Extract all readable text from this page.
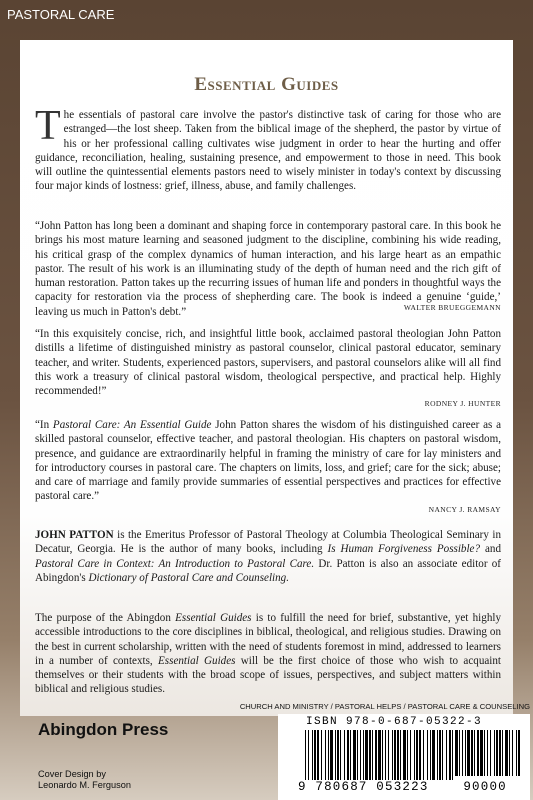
PASTORAL CARE
Essential Guides

The essentials of pastoral care involve the pastor's distinctive task of caring for those who are estranged—the lost sheep. Taken from the biblical image of the shepherd, the pastor by virtue of his or her professional calling cultivates wise judgment in order to hear the hurting and offer guidance, reconciliation, healing, sustaining presence, and empowerment to those in need. This book will outline the quintessential elements pastors need to wisely minister in today's context by discussing four major kinds of lostness: grief, illness, abuse, and family challenges.

“John Patton has long been a dominant and shaping force in contemporary pastoral care. In this book he brings his most mature learning and seasoned judgment to the discipline, combining his wide reading, his critical grasp of the complex dynamics of human interaction, and his large heart as an empathic pastor. The result of his work is an illuminating study of the depth of human need and the rich gift of human restoration. Patton takes up the recurring issues of human life and ponders in thoughtful ways the capacity for restoration via the process of shepherding care. The book is indeed a genuine ‘guide,’ leaving us much in Patton's debt.”	WALTER BRUEGGEMANN

“In this exquisitely concise, rich, and insightful little book, acclaimed pastoral theologian John Patton distills a lifetime of distinguished ministry as pastoral counselor, clinical pastoral educator, seminary teacher, and writer. Students, experienced pastors, supervisers, and pastoral counselors alike will all find this work a treasury of clinical pastoral wisdom, theological perspective, and practical help. Highly recommended!”

RODNEY J. HUNTER

“In Pastoral Care: An Essential Guide John Patton shares the wisdom of his distinguished career as a skilled pastoral counselor, effective teacher, and pastoral theologian. His chapters on pastoral wisdom, presence, and guidance are extraordinarily helpful in framing the ministry of care for lay ministers and for introductory courses in pastoral care. The chapters on limits, loss, and grief; care for the sick; abuse; and care of marriage and family provide summaries of essential perspectives and practices for effective pastoral care.”

NANCY J. RAMSAY

JOHN PATTON is the Emeritus Professor of Pastoral Theology at Columbia Theological Seminary in Decatur, Georgia. He is the author of many books, including Is Human Forgiveness Possible? and Pastoral Care in Context: An Introduction to Pastoral Care. Dr. Patton is also an associate editor of Abingdon's Dictionary of Pastoral Care and Counseling.

The purpose of the Abingdon Essential Guides is to fulfill the need for brief, substantive, yet highly accessible introductions to the core disciplines in biblical, theological, and religious studies. Drawing on the best in current scholarship, written with the need of students foremost in mind, addressed to learners in a number of contexts, Essential Guides will be the first choice of those who wish to acquaint themselves or their students with the broad scope of issues, perspectives, and subject matters within biblical and religious studies.

CHURCH AND MINISTRY / PASTORAL HELPS / PASTORAL CARE & COUNSELING
Abingdon Press
Cover Design by
Leonardo M. Ferguson
ISBN 978-0-687-05322-3
9 780687 053223	90000
